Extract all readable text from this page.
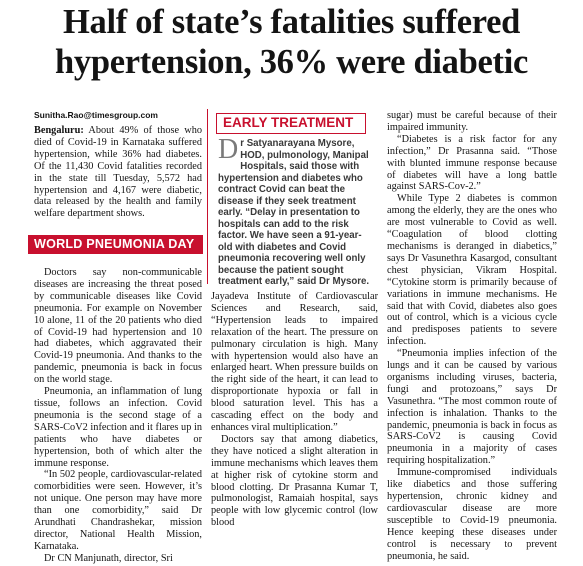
Half of state’s fatalities suffered
hypertension, 36% were diabetic
Sunitha.Rao@timesgroup.com

Bengaluru: About 49% of those who died of Covid-19 in Karnataka suffered hypertension, while 36% had diabetes. Of the 11,430 Covid fatalities recorded in the state till Tuesday, 5,572 had hypertension and 4,167 were diabetic, data released by the health and family welfare department shows.

WORLD PNEUMONIA DAY

Doctors say non-communicable diseases are increasing the threat posed by communicable diseases like Covid pneumonia. For example on November 10 alone, 11 of the 20 patients who died of Covid-19 had hypertension and 10 had diabetes, which aggravated their Covid-19 pneumonia. And thanks to the pandemic, pneumonia is back in focus on the world stage.

Pneumonia, an inflammation of lung tissue, follows an infection. Covid pneumonia is the second stage of a SARS-CoV2 infection and it flares up in patients who have diabetes or hypertension, both of which alter the immune response.

“In 502 people, cardiovascular-related comorbidities were seen. However, it’s not unique. One person may have more than one comorbidity,” said Dr Arundhati Chandrashekar, mission director, National Health Mission, Karnataka.

Dr CN Manjunath, director, Sri

EARLY TREATMENT
Dr Satyanarayana Mysore, HOD, pulmonology, Manipal Hospitals, said those with hypertension and diabetes who contract Covid can beat the disease if they seek treatment early. “Delay in presentation to hospitals can add to the risk factor. We have seen a 91-year-old with diabetes and Covid pneumonia recovering well only because the patient sought treatment early,” said Dr Mysore.

Jayadeva Institute of Cardiovascular Sciences and Research, said, “Hypertension leads to impaired relaxation of the heart. The pressure on pulmonary circulation is high. Many with hypertension would also have an enlarged heart. When pressure builds on the right side of the heart, it can lead to disproportionate hypoxia or fall in blood saturation level. This has a cascading effect on the body and enhances viral multiplication.”

Doctors say that among diabetics, they have noticed a slight alteration in immune mechanisms which leaves them at higher risk of cytokine storm and blood clotting. Dr Prasanna Kumar T, pulmonologist, Ramaiah hospital, says people with low glycemic control (low blood

sugar) must be careful because of their impaired immunity.

“Diabetes is a risk factor for any infection,” Dr Prasanna said. “Those with blunted immune response because of diabetes will have a long battle against SARS-Cov-2.”

While Type 2 diabetes is common among the elderly, they are the ones who are most vulnerable to Covid as well. “Coagulation of blood clotting mechanisms is deranged in diabetics,” says Dr Vasunethra Kasargod, consultant chest physician, Vikram Hospital. “Cytokine storm is primarily because of variations in immune mechanisms. He said that with Covid, diabetes also goes out of control, which is a vicious cycle and predisposes patients to severe infection.

“Pneumonia implies infection of the lungs and it can be caused by various organisms including viruses, bacteria, fungi and protozoans,” says Dr Vasunethra. “The most common route of infection is inhalation. Thanks to the pandemic, pneumonia is back in focus as SARS-CoV2 is causing Covid pneumonia in a majority of cases requiring hospitalization.”

Immune-compromised individuals like diabetics and those suffering hypertension, chronic kidney and cardiovascular disease are more susceptible to Covid-19 pneumonia. Hence keeping these diseases under control is necessary to prevent pneumonia, he said.
